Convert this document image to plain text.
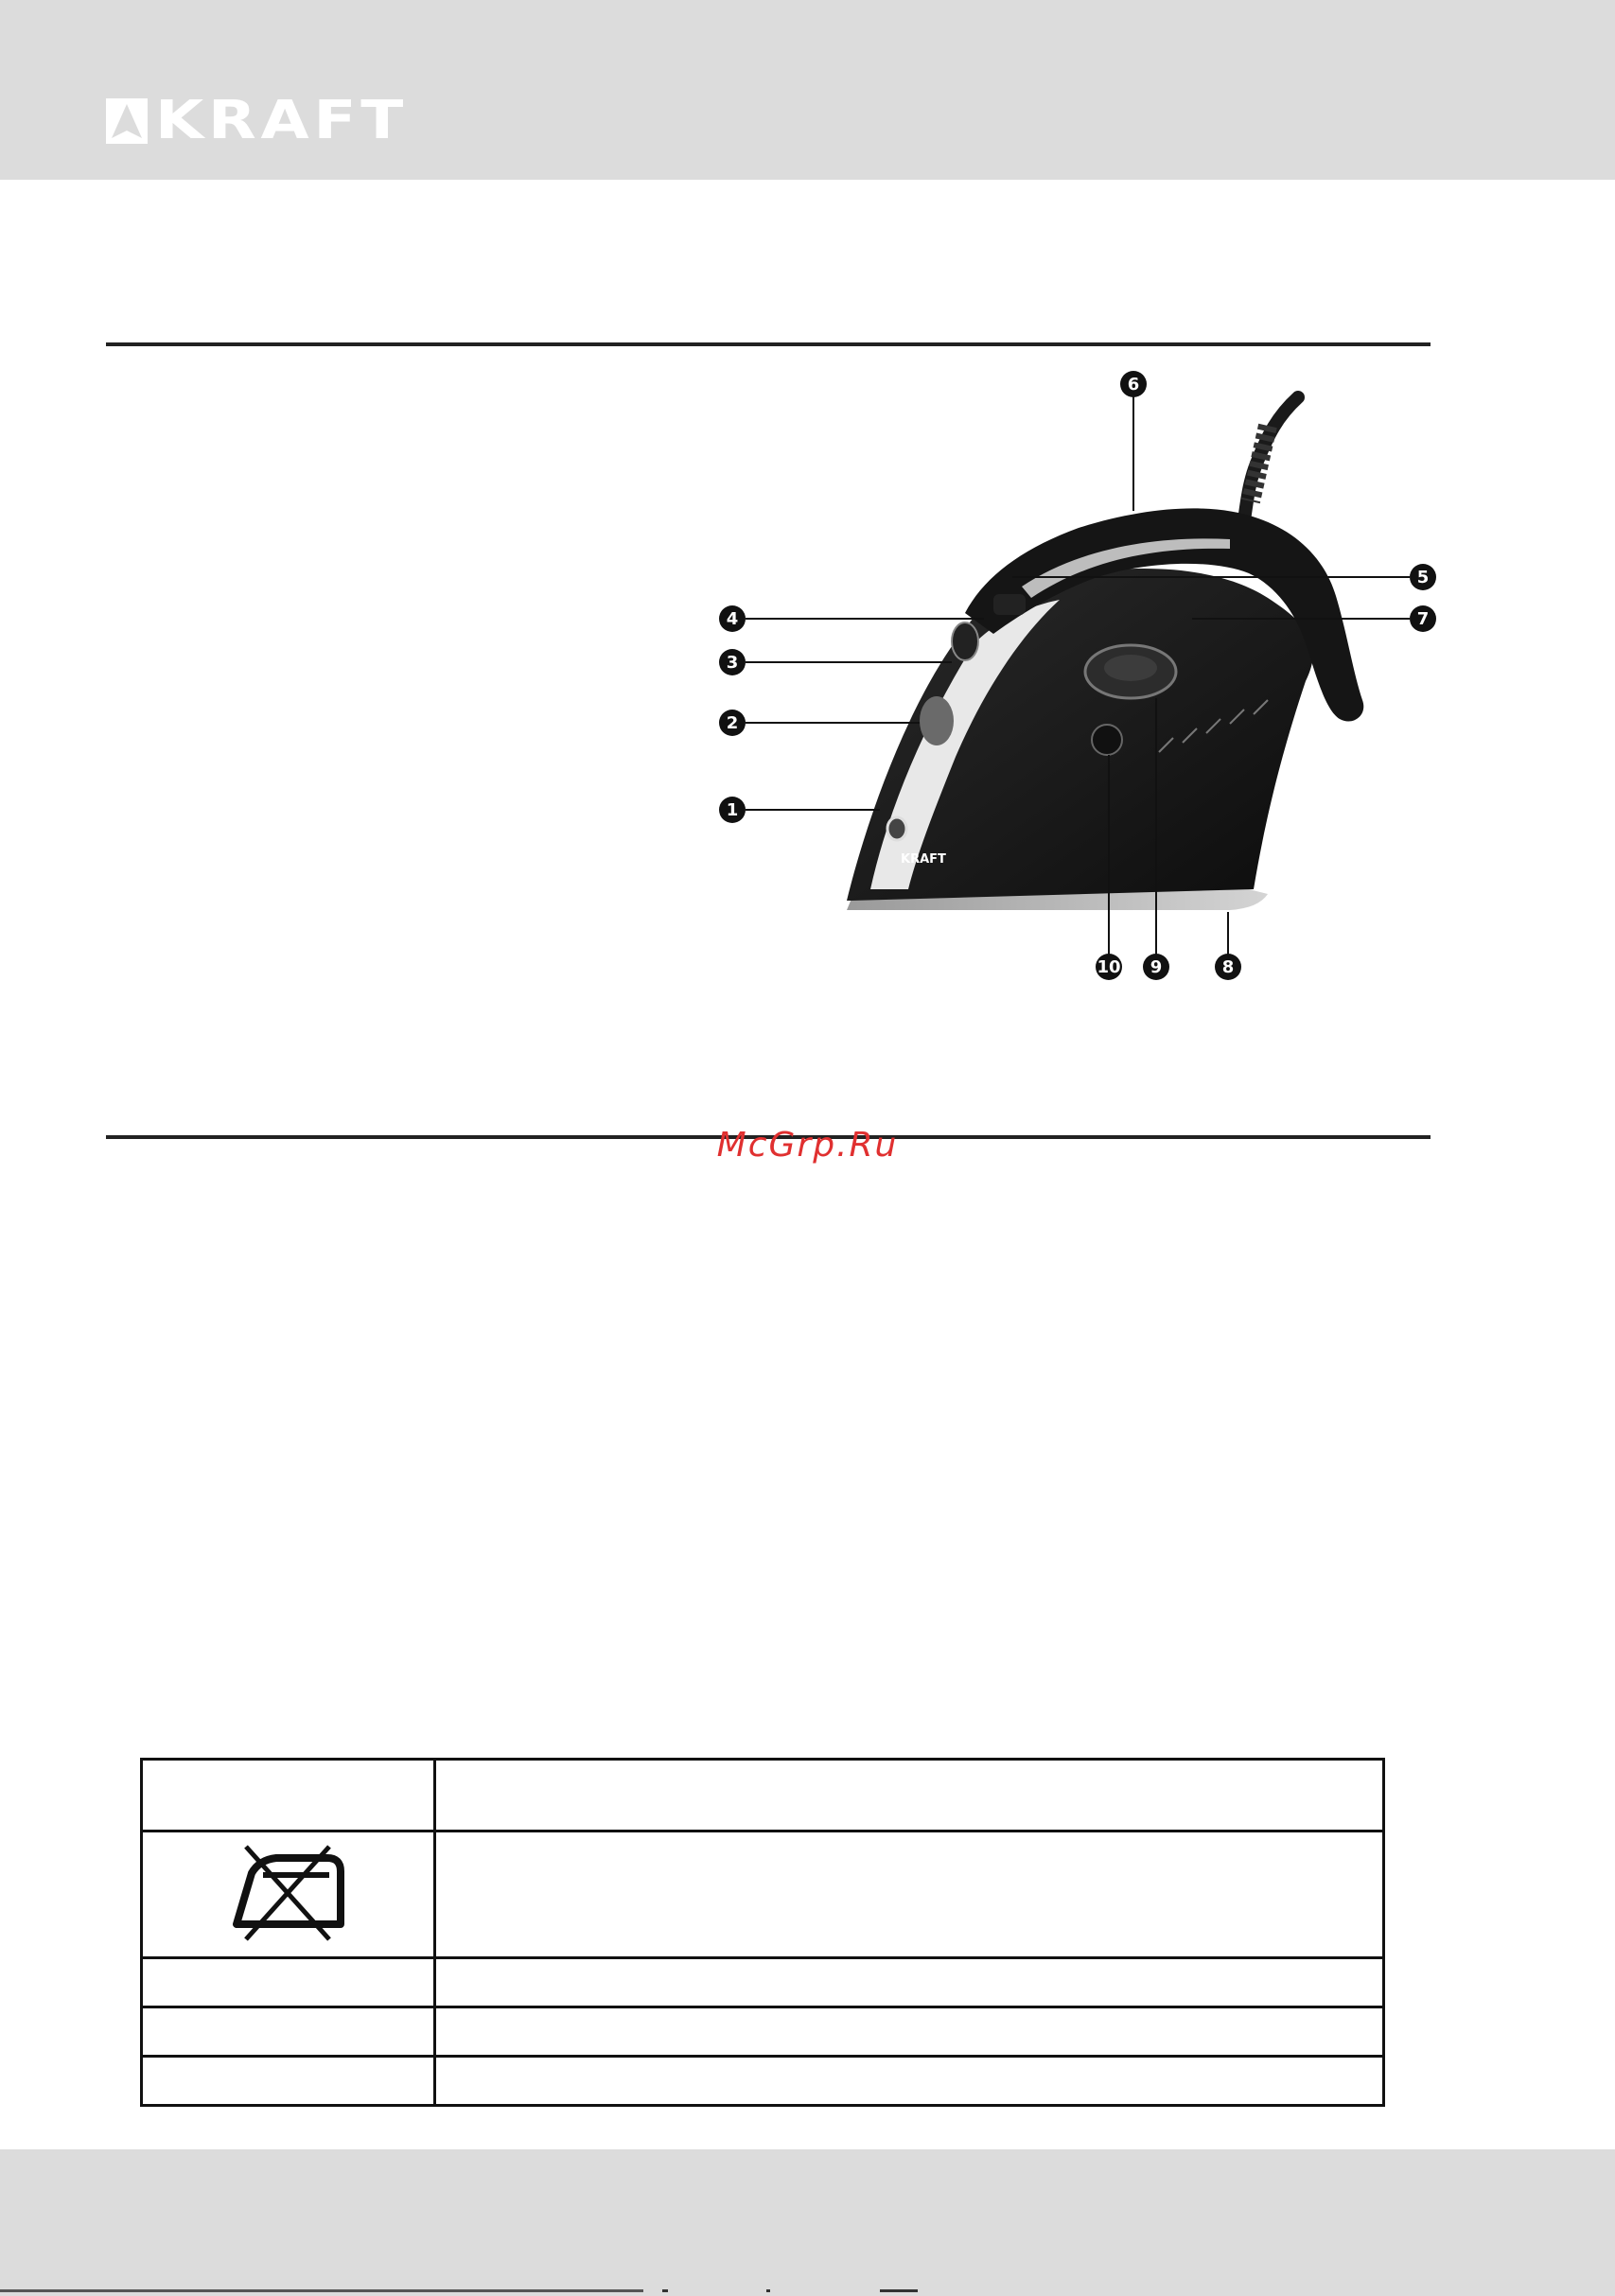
KRAFT
KRAFT
1
2
3
4
5
6
7
8
9
10
McGrp.Ru
